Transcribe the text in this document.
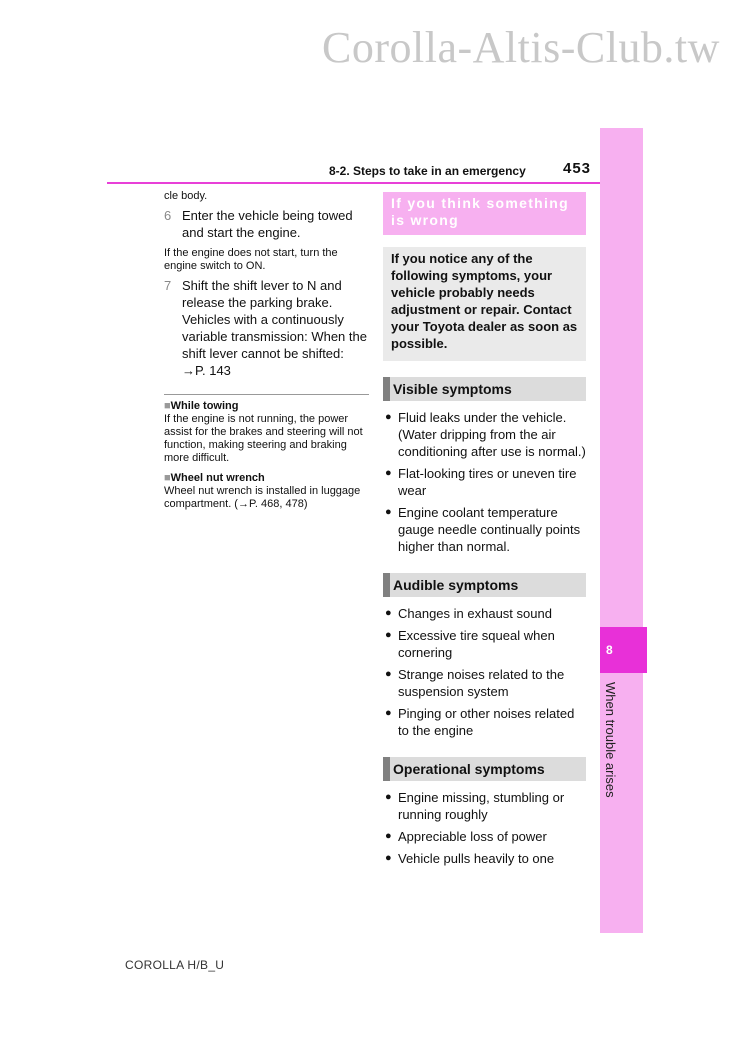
Corolla-Altis-Club.tw
8
When trouble arises
8-2. Steps to take in an emergency 453
cle body.
6 Enter the vehicle being towed and start the engine.
If the engine does not start, turn the engine switch to ON.
7 Shift the shift lever to N and release the parking brake. Vehicles with a continuously variable transmission: When the shift lever cannot be shifted: →P. 143
■While towing
If the engine is not running, the power assist for the brakes and steering will not function, making steering and braking more difficult.
■Wheel nut wrench
Wheel nut wrench is installed in luggage compartment. (→P. 468, 478)
If you think something is wrong
If you notice any of the following symptoms, your vehicle probably needs adjustment or repair. Contact your Toyota dealer as soon as possible.
Visible symptoms
● Fluid leaks under the vehicle. (Water dripping from the air conditioning after use is normal.)
● Flat-looking tires or uneven tire wear
● Engine coolant temperature gauge needle continually points higher than normal.
Audible symptoms
● Changes in exhaust sound
● Excessive tire squeal when cornering
● Strange noises related to the suspension system
● Pinging or other noises related to the engine
Operational symptoms
● Engine missing, stumbling or running roughly
● Appreciable loss of power
● Vehicle pulls heavily to one
COROLLA H/B_U
